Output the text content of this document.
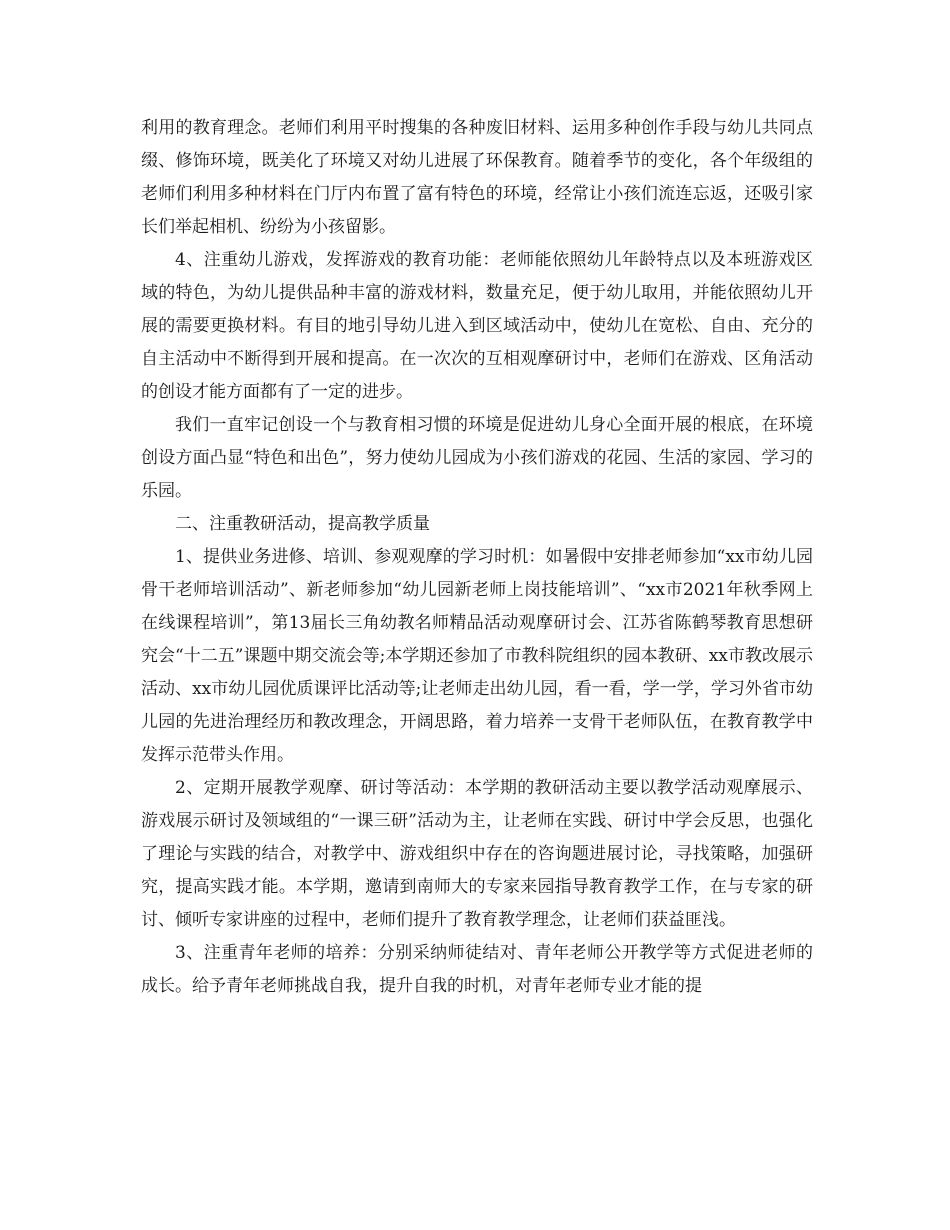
利用的教育理念。老师们利用平时搜集的各种废旧材料、运用多种创作手段与幼儿共同点缀、修饰环境，既美化了环境又对幼儿进展了环保教育。随着季节的变化，各个年级组的老师们利用多种材料在门厅内布置了富有特色的环境，经常让小孩们流连忘返，还吸引家长们举起相机、纷纷为小孩留影。

4、注重幼儿游戏，发挥游戏的教育功能：老师能依照幼儿年龄特点以及本班游戏区域的特色，为幼儿提供品种丰富的游戏材料，数量充足，便于幼儿取用，并能依照幼儿开展的需要更换材料。有目的地引导幼儿进入到区域活动中，使幼儿在宽松、自由、充分的自主活动中不断得到开展和提高。在一次次的互相观摩研讨中，老师们在游戏、区角活动的创设才能方面都有了一定的进步。

我们一直牢记创设一个与教育相习惯的环境是促进幼儿身心全面开展的根底，在环境创设方面凸显“特色和出色”，努力使幼儿园成为小孩们游戏的花园、生活的家园、学习的乐园。

二、注重教研活动，提高教学质量

1、提供业务进修、培训、参观观摩的学习时机：如暑假中安排老师参加“xx市幼儿园骨干老师培训活动”、新老师参加“幼儿园新老师上岗技能培训”、“xx市2021年秋季网上在线课程培训”，第13届长三角幼教名师精品活动观摩研讨会、江苏省陈鹤琴教育思想研究会“十二五”课题中期交流会等;本学期还参加了市教科院组织的园本教研、xx市教改展示活动、xx市幼儿园优质课评比活动等;让老师走出幼儿园，看一看，学一学，学习外省市幼儿园的先进治理经历和教改理念，开阔思路，着力培养一支骨干老师队伍，在教育教学中发挥示范带头作用。

2、定期开展教学观摩、研讨等活动：本学期的教研活动主要以教学活动观摩展示、游戏展示研讨及领域组的“一课三研”活动为主，让老师在实践、研讨中学会反思，也强化了理论与实践的结合，对教学中、游戏组织中存在的咨询题进展讨论，寻找策略，加强研究，提高实践才能。本学期，邀请到南师大的专家来园指导教育教学工作，在与专家的研讨、倾听专家讲座的过程中，老师们提升了教育教学理念，让老师们获益匪浅。

3、注重青年老师的培养：分别采纳师徒结对、青年老师公开教学等方式促进老师的成长。给予青年老师挑战自我，提升自我的时机，对青年老师专业才能的提
